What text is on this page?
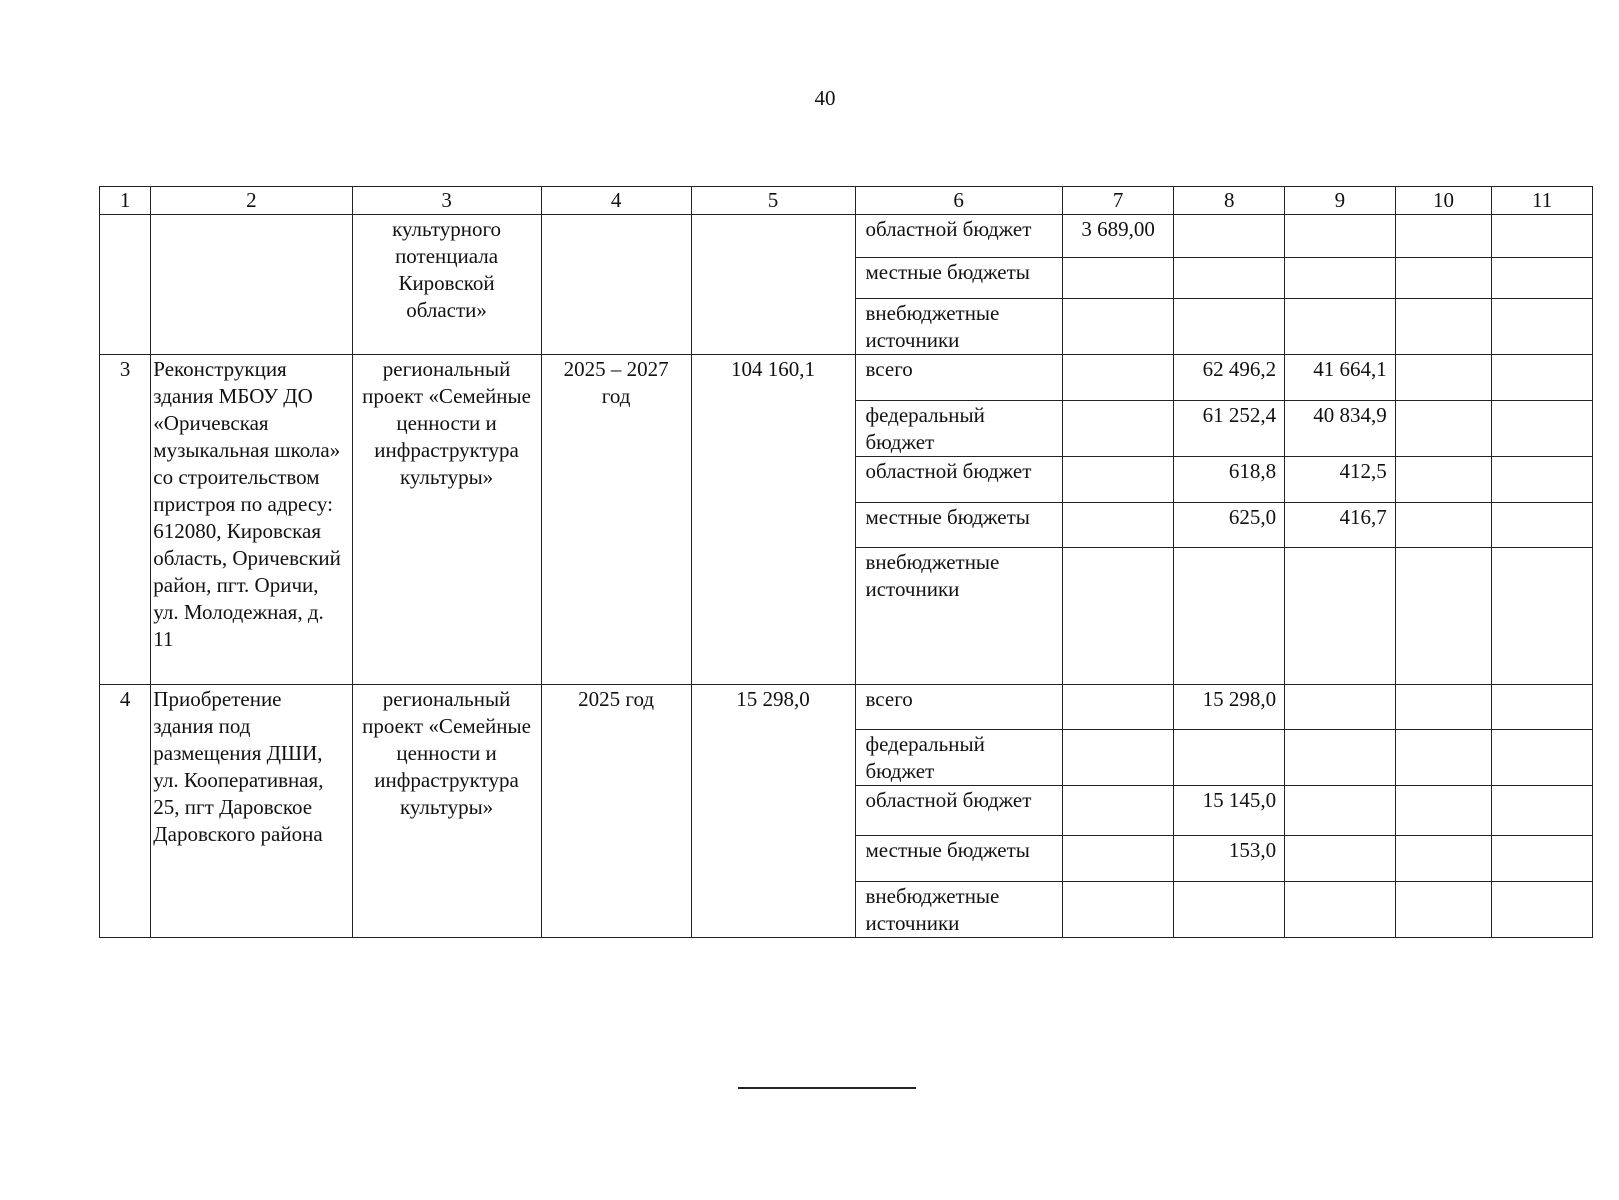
40
1	2	3	4	5	6	7	8	9	10	11
		культурного потенциала Кировской области»			областной бюджет	3 689,00				
					местные бюджеты					
					внебюджетные источники					
3	Реконструкция здания МБОУ ДО «Оричевская музыкальная школа» со строительством пристроя по адресу: 612080, Кировская область, Оричевский район, пгт. Оричи, ул. Молодежная, д. 11	региональный проект «Семейные ценности и инфраструктура культуры»	2025 – 2027 год	104 160,1	всего		62 496,2	41 664,1		
					федеральный бюджет		61 252,4	40 834,9		
					областной бюджет		618,8	412,5		
					местные бюджеты		625,0	416,7		
					внебюджетные источники					
4	Приобретение здания под размещения ДШИ, ул. Кооперативная, 25, пгт Даровское Даровского района	региональный проект «Семейные ценности и инфраструктура культуры»	2025 год	15 298,0	всего		15 298,0			
					федеральный бюджет					
					областной бюджет		15 145,0			
					местные бюджеты		153,0			
					внебюджетные источники					
